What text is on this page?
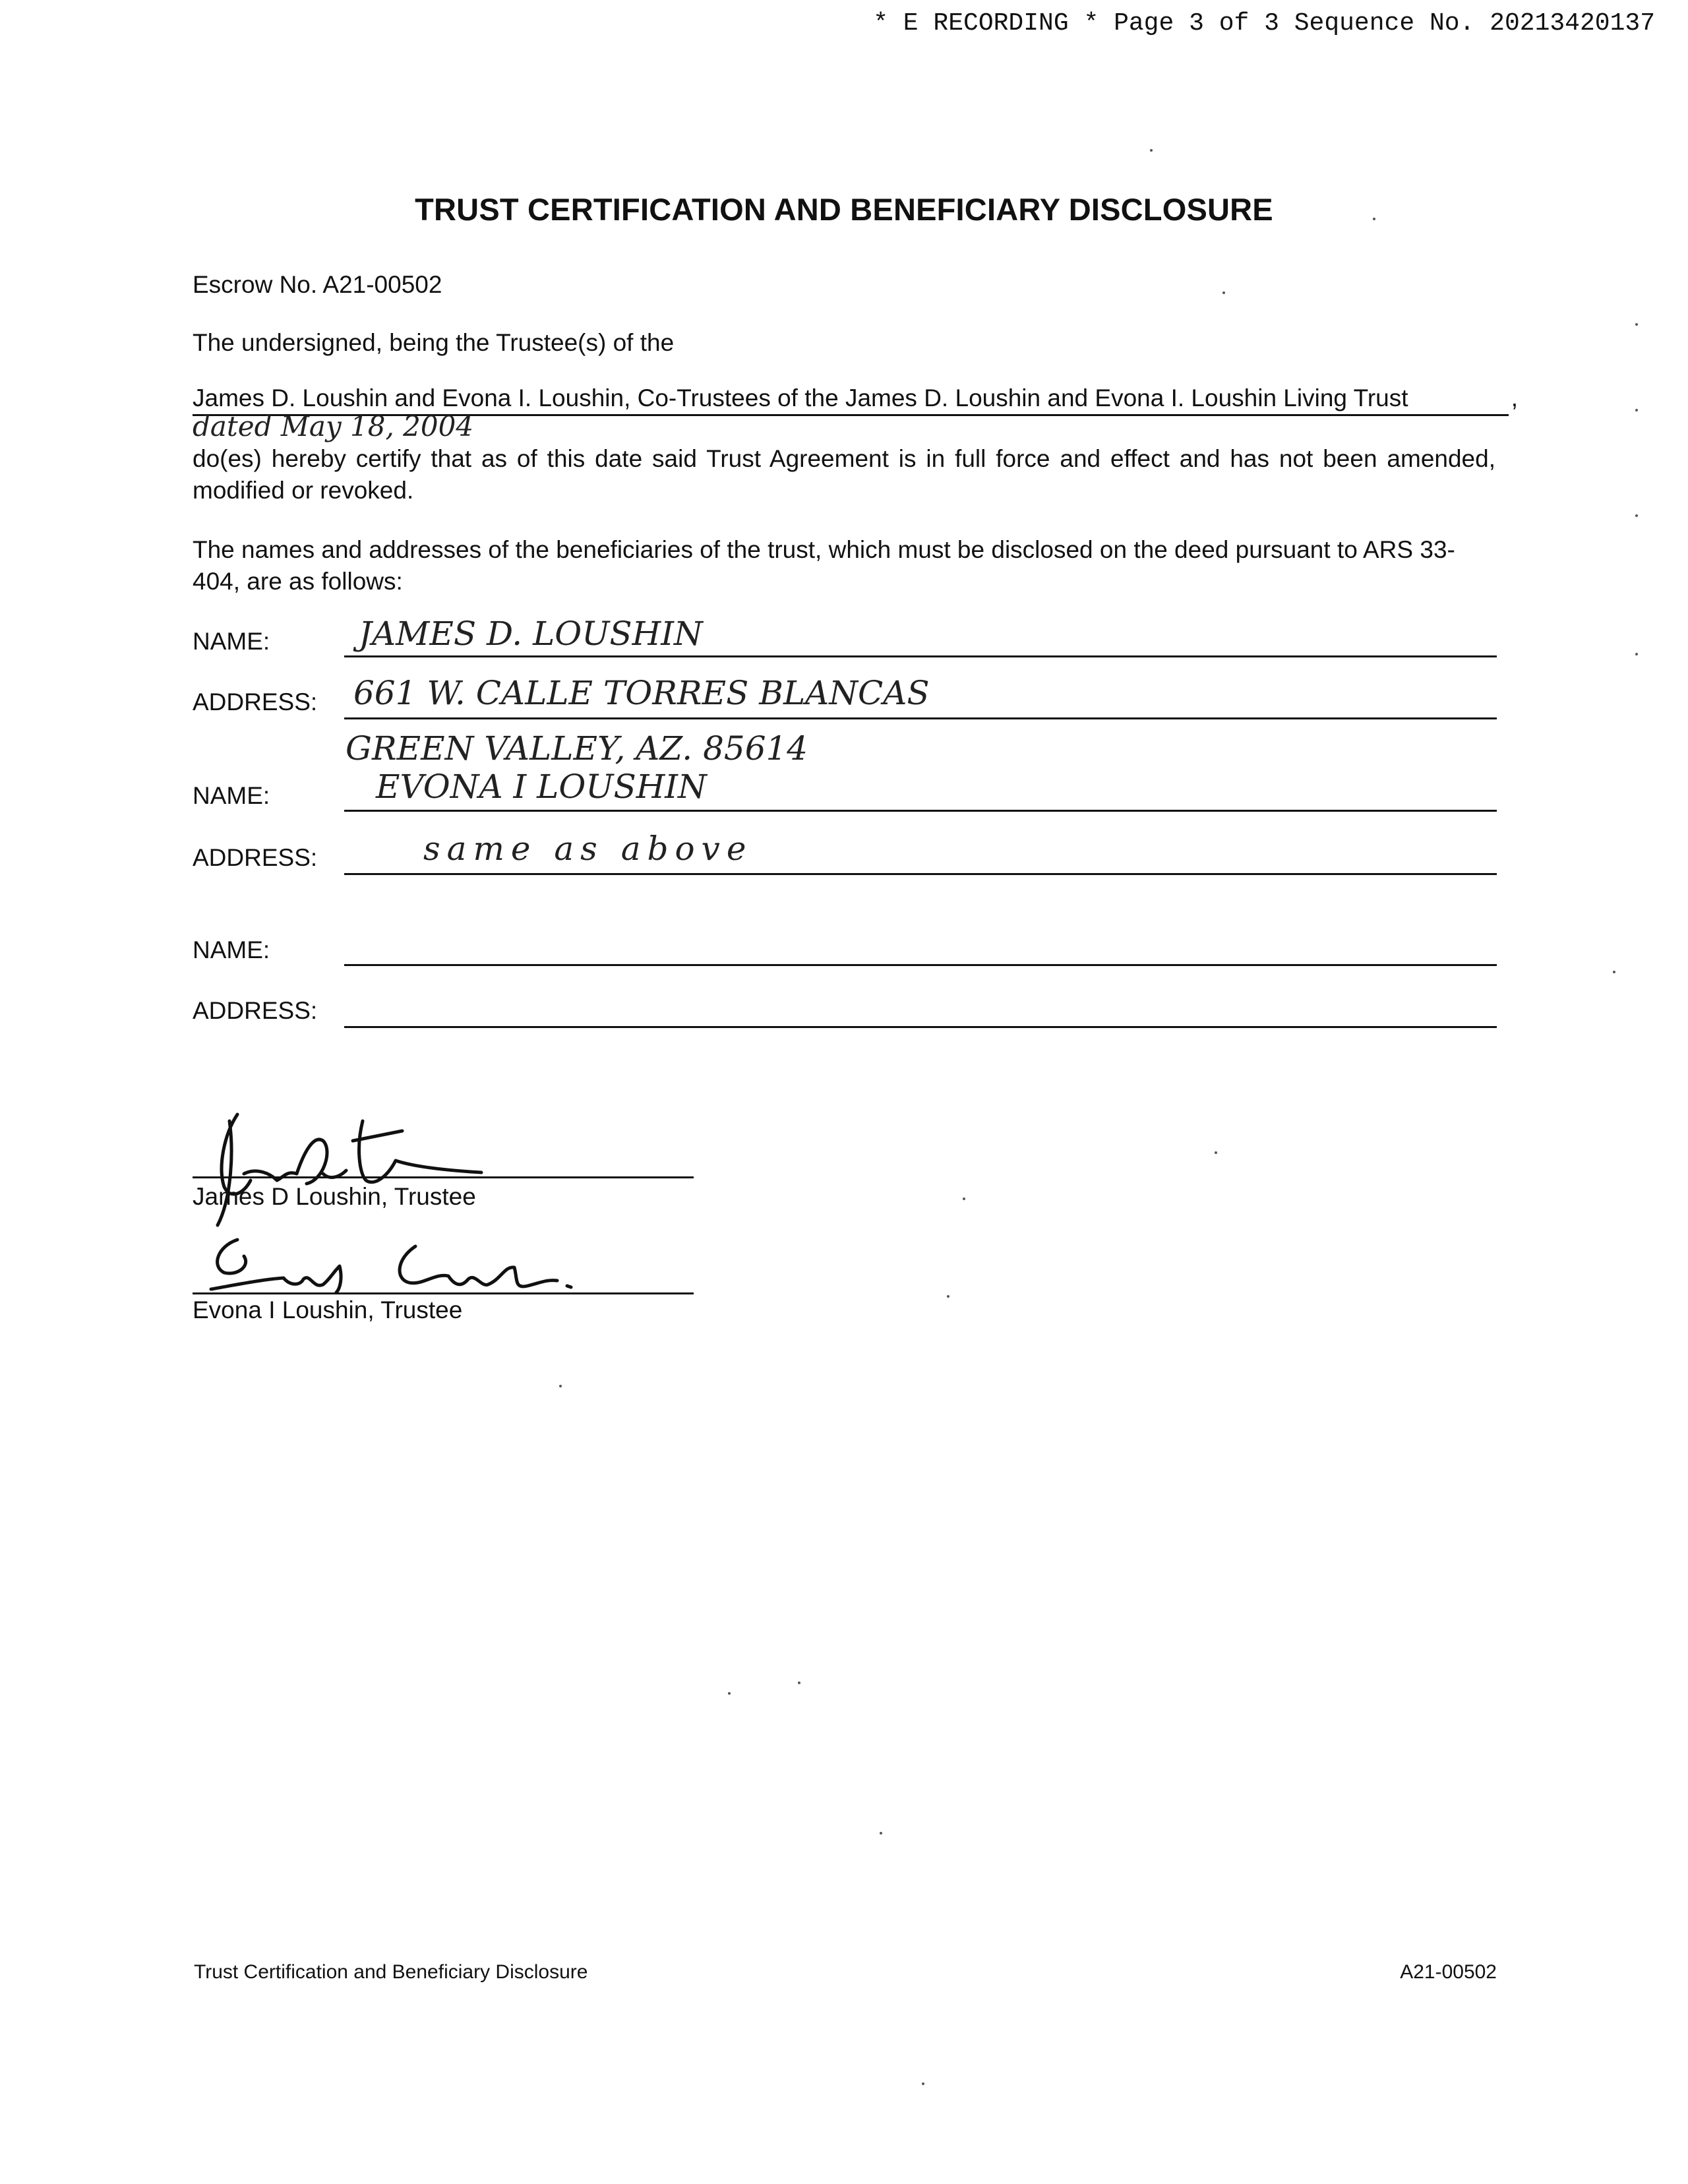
* E RECORDING * Page 3 of 3 Sequence No. 20213420137
TRUST CERTIFICATION AND BENEFICIARY DISCLOSURE
Escrow No. A21-00502
The undersigned, being the Trustee(s) of the
James D. Loushin and Evona I. Loushin, Co-Trustees of the James D. Loushin and Evona I. Loushin Living Trust	,
dated May 18, 2004
do(es) hereby certify that as of this date said Trust Agreement is in full force and effect and has not been amended, modified or revoked.
The names and addresses of the beneficiaries of the trust, which must be disclosed on the deed pursuant to ARS 33-404, are as follows:
NAME:	JAMES D. LOUSHIN
ADDRESS: 661 W. CALLE TORRES BLANCAS
GREEN VALLEY, AZ. 85614
NAME:	EVONA I LOUSHIN
ADDRESS:	same as above
NAME:
ADDRESS:
James D Loushin, Trustee
Evona I Loushin, Trustee
Trust Certification and Beneficiary Disclosure	A21-00502
